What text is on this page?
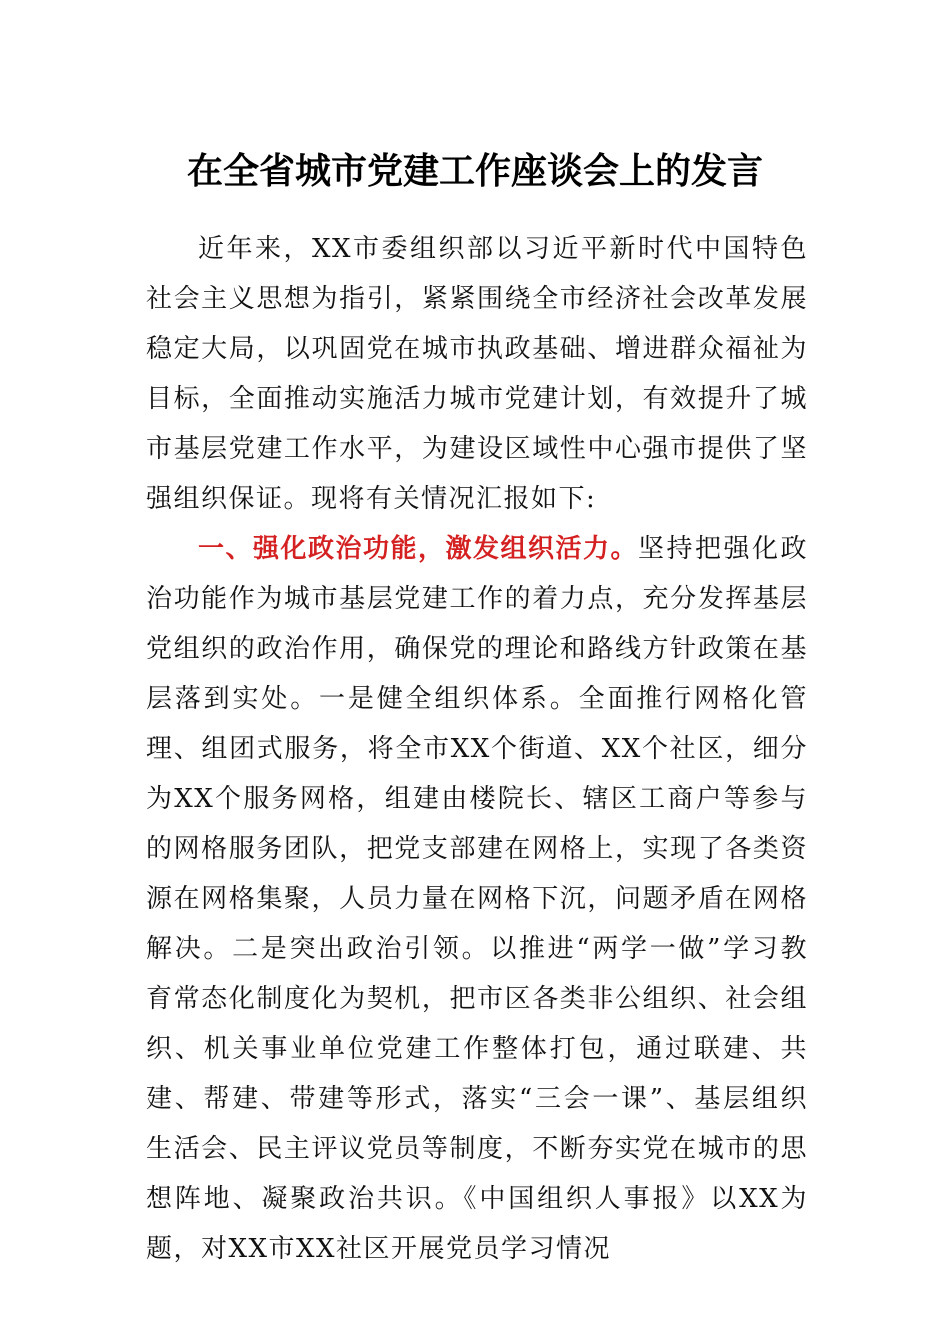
在全省城市党建工作座谈会上的发言

近年来，XX市委组织部以习近平新时代中国特色社会主义思想为指引，紧紧围绕全市经济社会改革发展稳定大局，以巩固党在城市执政基础、增进群众福祉为目标，全面推动实施活力城市党建计划，有效提升了城市基层党建工作水平，为建设区域性中心强市提供了坚强组织保证。现将有关情况汇报如下:

一、强化政治功能，激发组织活力。坚持把强化政治功能作为城市基层党建工作的着力点，充分发挥基层党组织的政治作用，确保党的理论和路线方针政策在基层落到实处。一是健全组织体系。全面推行网格化管理、组团式服务，将全市XX个街道、XX个社区，细分为XX个服务网格，组建由楼院长、辖区工商户等参与的网格服务团队，把党支部建在网格上，实现了各类资源在网格集聚，人员力量在网格下沉，问题矛盾在网格解决。二是突出政治引领。以推进“两学一做”学习教育常态化制度化为契机，把市区各类非公组织、社会组织、机关事业单位党建工作整体打包，通过联建、共建、帮建、带建等形式，落实“三会一课”、基层组织生活会、民主评议党员等制度，不断夯实党在城市的思想阵地、凝聚政治共识。《中国组织人事报》以XX为题，对XX市XX社区开展党员学习情况
